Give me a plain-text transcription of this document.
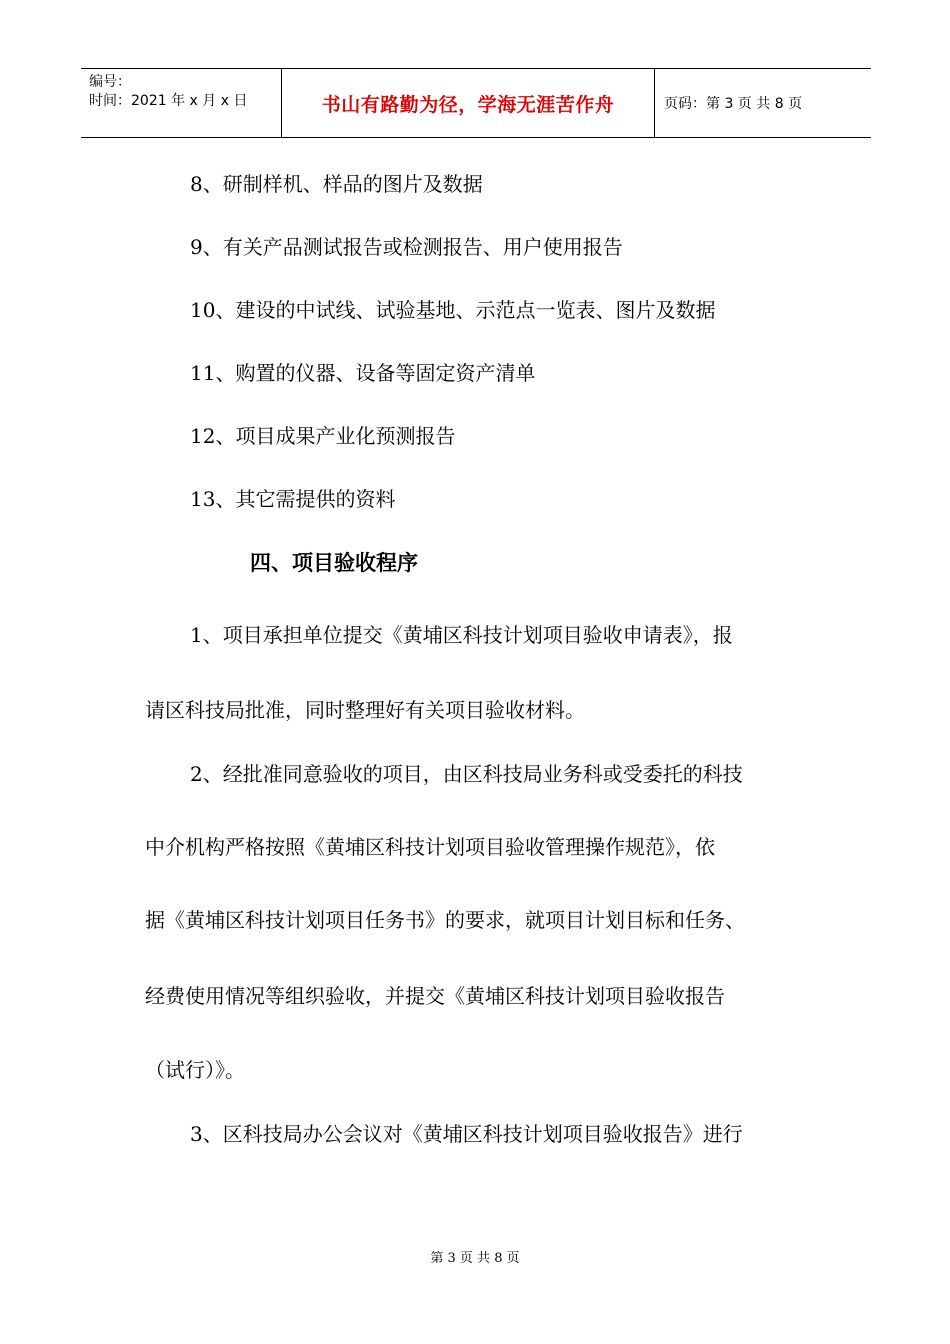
编号：
时间：2021 年 x 月 x 日	书山有路勤为径，学海无涯苦作舟	页码：第 3 页 共 8 页
8、研制样机、样品的图片及数据
9、有关产品测试报告或检测报告、用户使用报告
10、建设的中试线、试验基地、示范点一览表、图片及数据
11、购置的仪器、设备等固定资产清单
12、项目成果产业化预测报告
13、其它需提供的资料
四、项目验收程序
1、项目承担单位提交《黄埔区科技计划项目验收申请表》，报
请区科技局批准，同时整理好有关项目验收材料。
2、经批准同意验收的项目，由区科技局业务科或受委托的科技
中介机构严格按照《黄埔区科技计划项目验收管理操作规范》，依
据《黄埔区科技计划项目任务书》的要求，就项目计划目标和任务、
经费使用情况等组织验收，并提交《黄埔区科技计划项目验收报告
（试行）》。
3、区科技局办公会议对《黄埔区科技计划项目验收报告》进行
第 3 页 共 8 页
